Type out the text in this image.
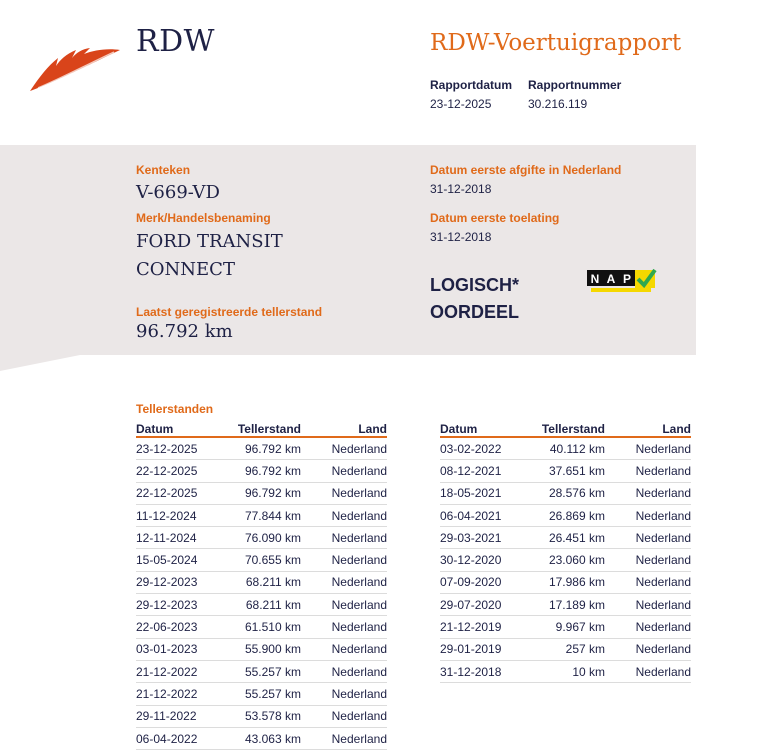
RDW	RDW-Voertuigrapport
Rapportdatum Rapportnummer
23-12-2025	30.216.119
Kenteken
V-669-VD
Merk/Handelsbenaming
FORD TRANSIT
CONNECT
Laatst geregistreerde tellerstand
96.792 km
Datum eerste afgifte in Nederland
31-12-2018
Datum eerste toelating
31-12-2018
LOGISCH*
OORDEEL
N A P
Tellerstanden
Datum	Tellerstand	Land
23-12-2025	96.792 km	Nederland
22-12-2025	96.792 km	Nederland
22-12-2025	96.792 km	Nederland
11-12-2024	77.844 km	Nederland
12-11-2024	76.090 km	Nederland
15-05-2024	70.655 km	Nederland
29-12-2023	68.211 km	Nederland
29-12-2023	68.211 km	Nederland
22-06-2023	61.510 km	Nederland
03-01-2023	55.900 km	Nederland
21-12-2022	55.257 km	Nederland
21-12-2022	55.257 km	Nederland
29-11-2022	53.578 km	Nederland
06-04-2022	43.063 km	Nederland
Datum	Tellerstand	Land
03-02-2022	40.112 km	Nederland
08-12-2021	37.651 km	Nederland
18-05-2021	28.576 km	Nederland
06-04-2021	26.869 km	Nederland
29-03-2021	26.451 km	Nederland
30-12-2020	23.060 km	Nederland
07-09-2020	17.986 km	Nederland
29-07-2020	17.189 km	Nederland
21-12-2019	9.967 km	Nederland
29-01-2019	257 km	Nederland
31-12-2018	10 km	Nederland
